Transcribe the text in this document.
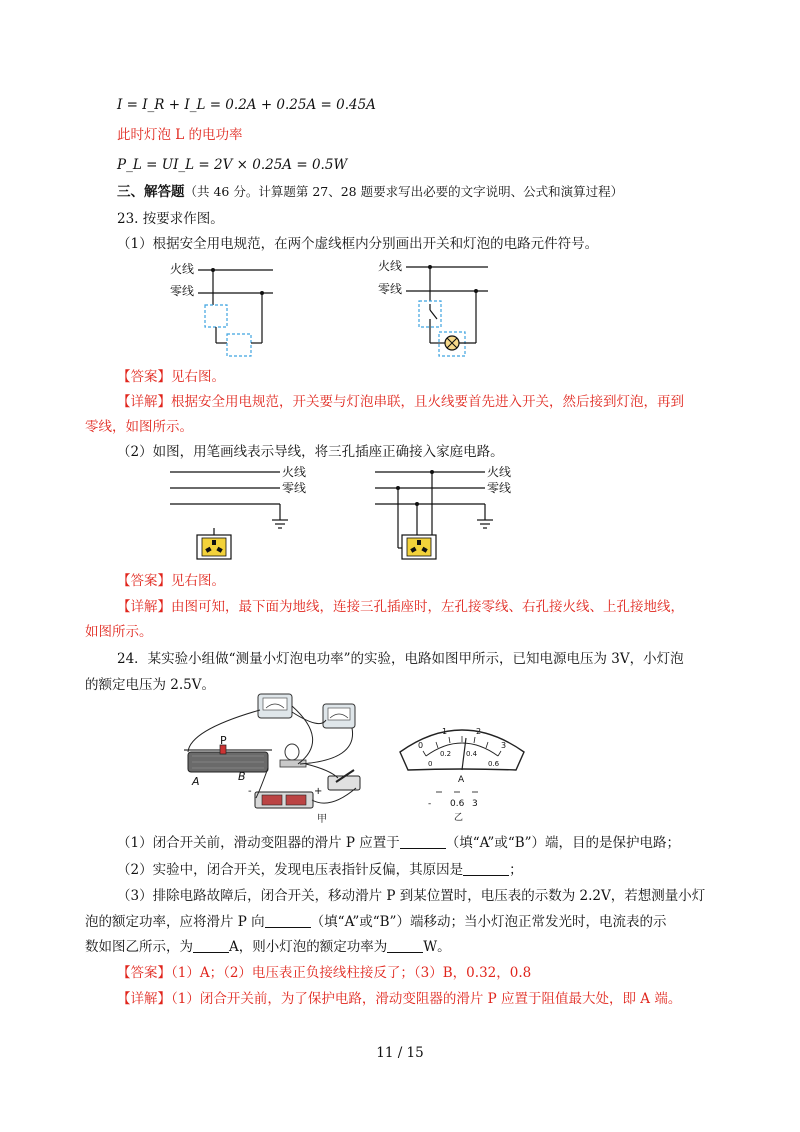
I = I_R + I_L = 0.2A + 0.25A = 0.45A
此时灯泡 L 的电功率
P_L = UI_L = 2V × 0.25A = 0.5W
三、解答题（共 46 分。计算题第 27、28 题要求写出必要的文字说明、公式和演算过程）
23. 按要求作图。
（1）根据安全用电规范，在两个虚线框内分别画出开关和灯泡的电路元件符号。
火线
零线
火线
零线
【答案】见右图。
【详解】根据安全用电规范，开关要与灯泡串联，且火线要首先进入开关，然后接到灯泡，再到
零线，如图所示。
（2）如图，用笔画线表示导线，将三孔插座正确接入家庭电路。
火线
零线
火线
零线
【答案】见右图。
【详解】由图可知，最下面为地线，连接三孔插座时，左孔接零线、右孔接火线、上孔接地线，
如图所示。
24．某实验小组做“测量小灯泡电功率”的实验，电路如图甲所示，已知电源电压为 3V，小灯泡
的额定电压为 2.5V。
P
A	B
-	+
甲
0
1	2
3
0
0.2 0.4
0.6
A
- 0.6 3
乙
（1）闭合开关前，滑动变阻器的滑片 P 应置于	（填“A”或“B”）端，目的是保护电路；
（2）实验中，闭合开关，发现电压表指针反偏，其原因是	；
（3）排除电路故障后，闭合开关，移动滑片 P 到某位置时，电压表的示数为 2.2V，若想测量小灯
泡的额定功率，应将滑片 P 向	（填“A”或“B”）端移动；当小灯泡正常发光时，电流表的示
数如图乙所示，为	A，则小灯泡的额定功率为	W。
【答案】（1）A；（2）电压表正负接线柱接反了；（3）B，0.32，0.8
【详解】（1）闭合开关前，为了保护电路，滑动变阻器的滑片 P 应置于阻值最大处，即 A 端。
11 / 15
